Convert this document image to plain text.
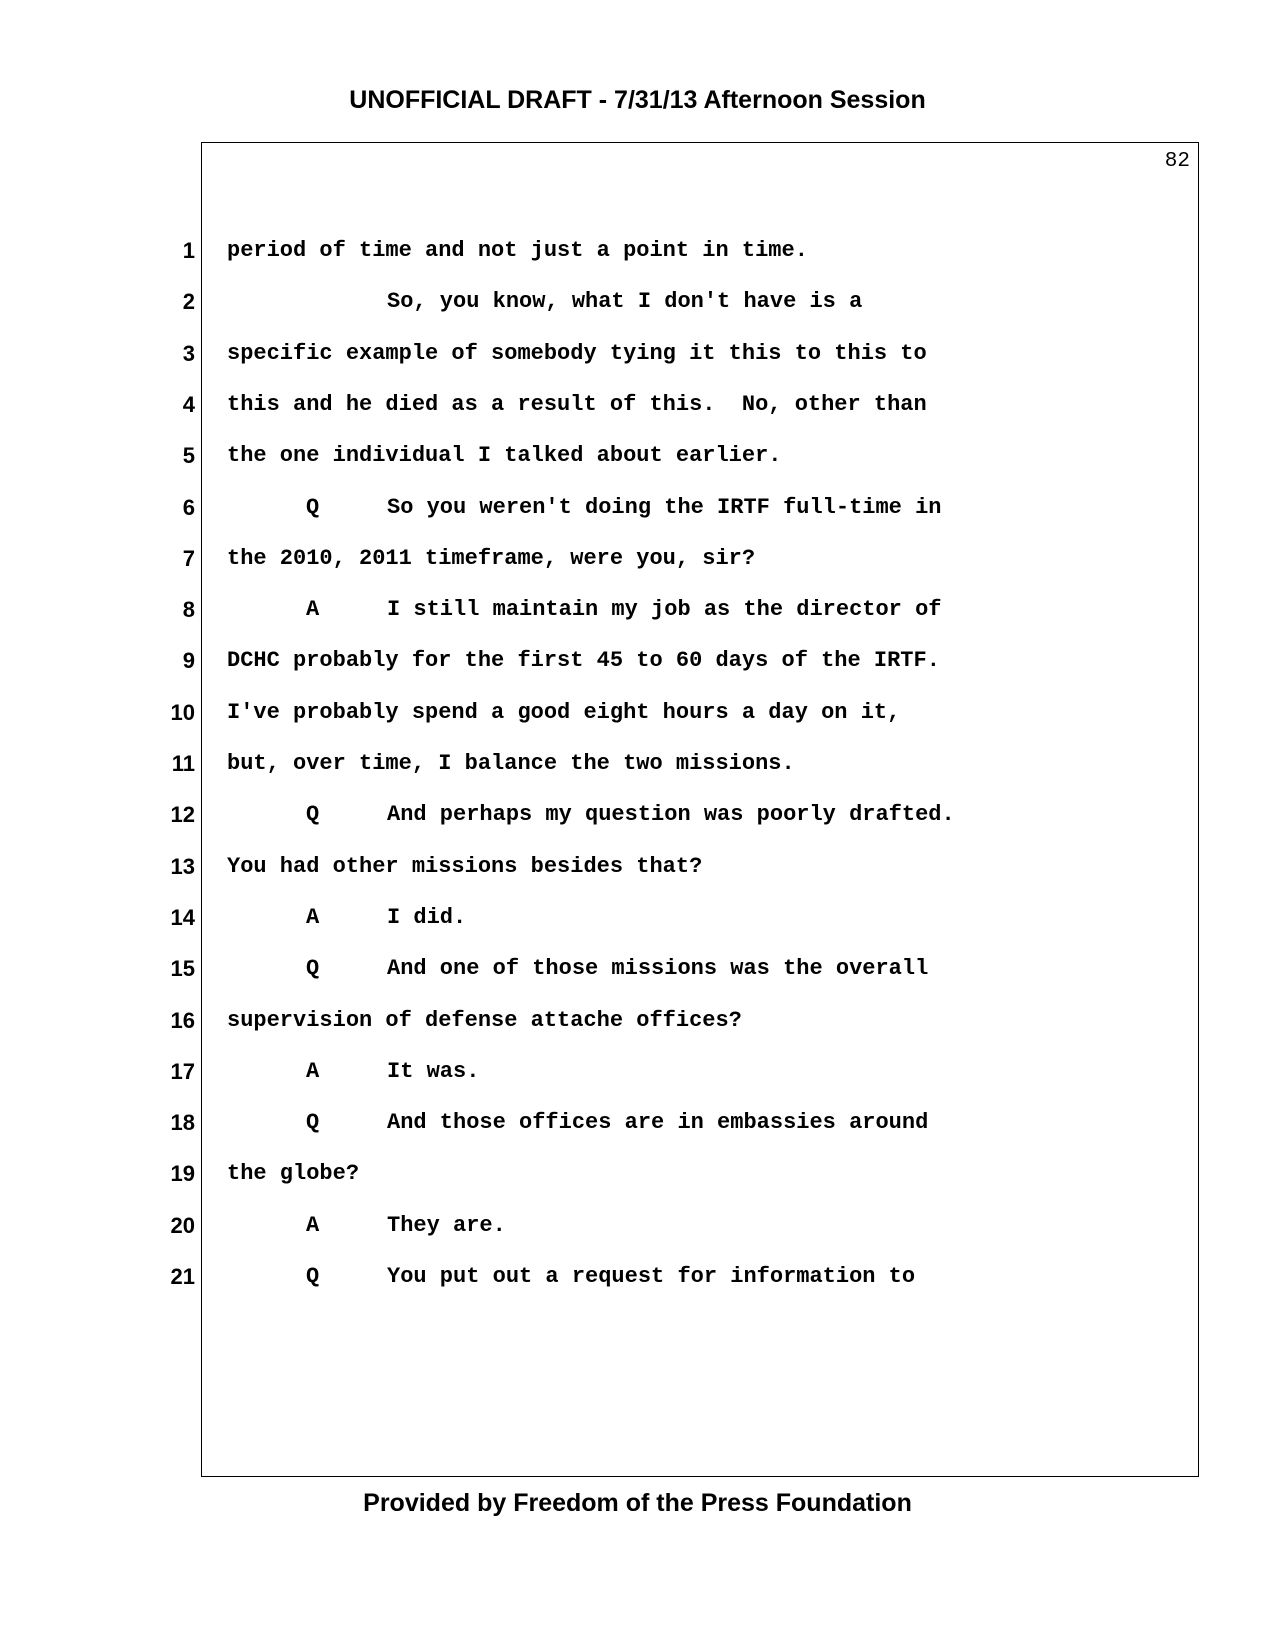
UNOFFICIAL DRAFT - 7/31/13 Afternoon Session
82
1 period of time and not just a point in time.
2	So, you know, what I don't have is a
3 specific example of somebody tying it this to this to
4 this and he died as a result of this.  No, other than
5 the one individual I talked about earlier.
6	Q	So you weren't doing the IRTF full-time in
7 the 2010, 2011 timeframe, were you, sir?
8	A	I still maintain my job as the director of
9 DCHC probably for the first 45 to 60 days of the IRTF.
10 I've probably spend a good eight hours a day on it,
11 but, over time, I balance the two missions.
12	Q	And perhaps my question was poorly drafted.
13 You had other missions besides that?
14	A	I did.
15	Q	And one of those missions was the overall
16 supervision of defense attache offices?
17	A	It was.
18	Q	And those offices are in embassies around
19 the globe?
20	A	They are.
21	Q	You put out a request for information to
Provided by Freedom of the Press Foundation
